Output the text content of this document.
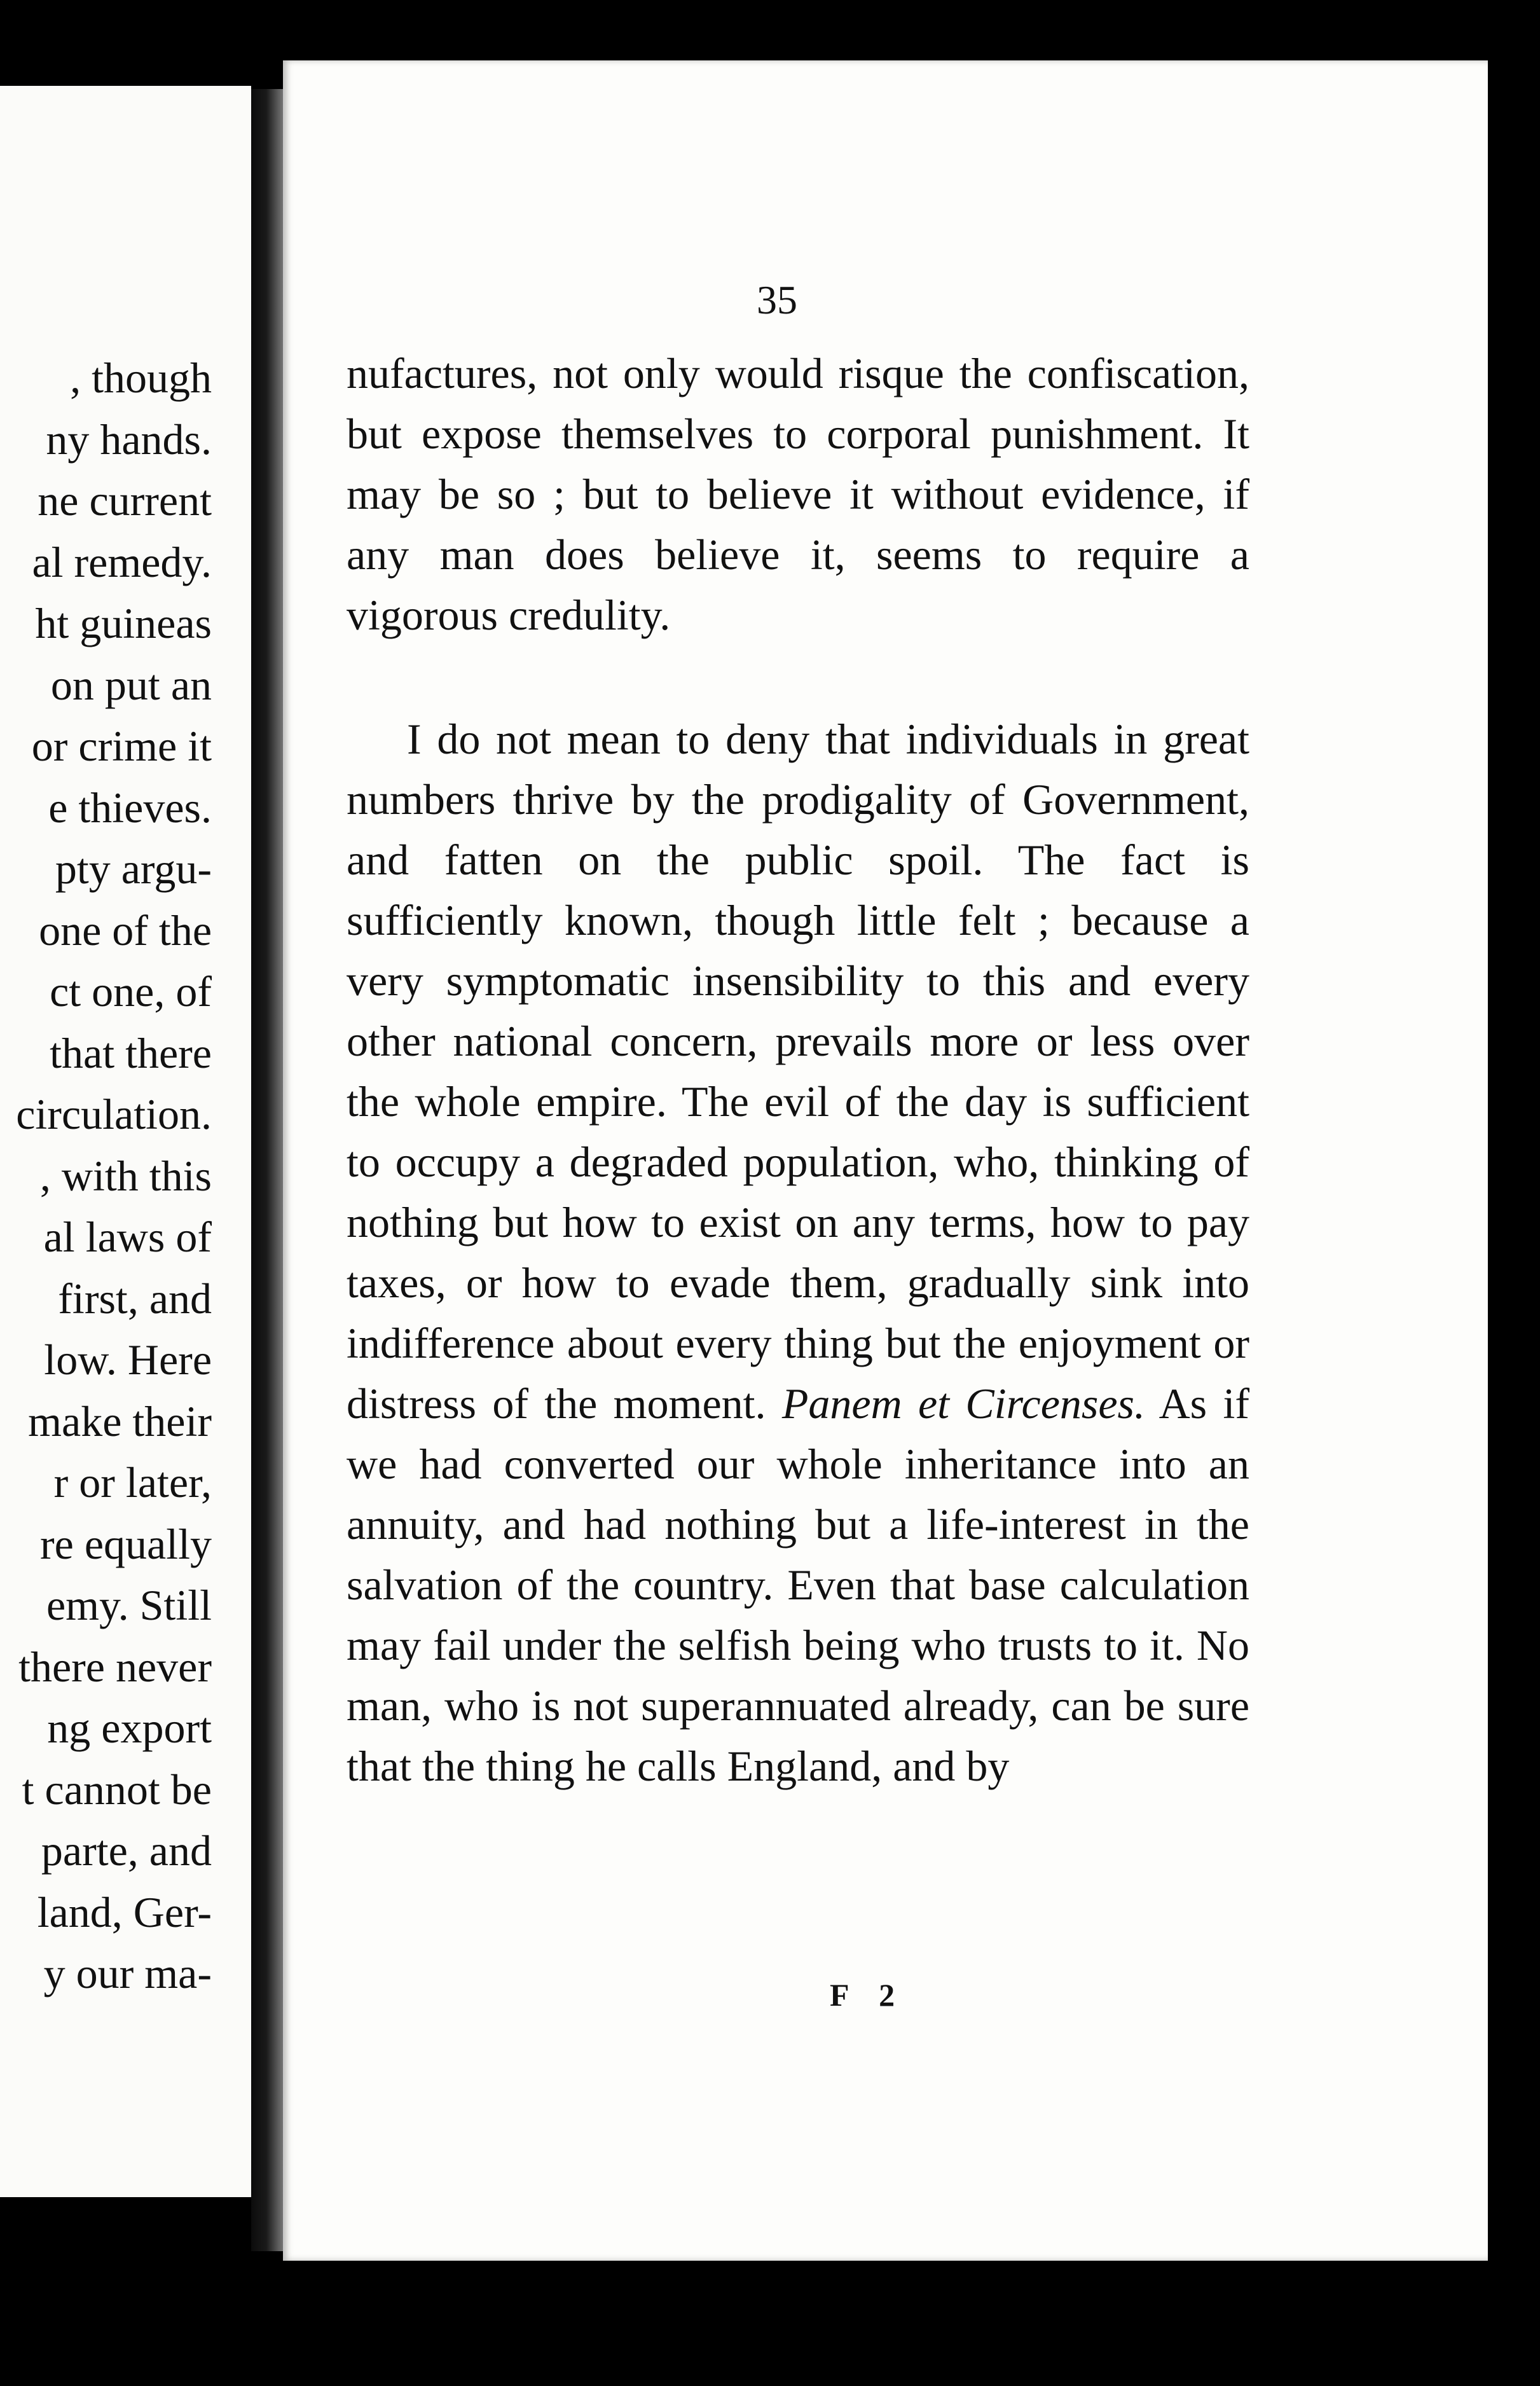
, though
ny hands.
ne current
al remedy.
ht guineas
on put an
or crime it
e thieves.
pty argu-
one of the
ct one, of
that there
circulation.
, with this
al laws of
first, and
low. Here
make their
r or later,
re equally
emy. Still
there never
ng export
t cannot be
parte, and
land, Ger-
y our ma-
35

nufactures, not only would risque the confiscation, but expose themselves to corporal punishment. It may be so ; but to believe it without evidence, if any man does believe it, seems to require a vigorous credulity.

I do not mean to deny that individuals in great numbers thrive by the prodigality of Government, and fatten on the public spoil. The fact is sufficiently known, though little felt ; because a very symptomatic insensibility to this and every other national concern, prevails more or less over the whole empire. The evil of the day is sufficient to occupy a degraded population, who, thinking of nothing but how to exist on any terms, how to pay taxes, or how to evade them, gradually sink into indifference about every thing but the enjoyment or distress of the moment. Panem et Circenses. As if we had converted our whole inheritance into an annuity, and had nothing but a life-interest in the salvation of the country. Even that base calculation may fail under the selfish being who trusts to it. No man, who is not superannuated already, can be sure that the thing he calls England, and by

F 2
